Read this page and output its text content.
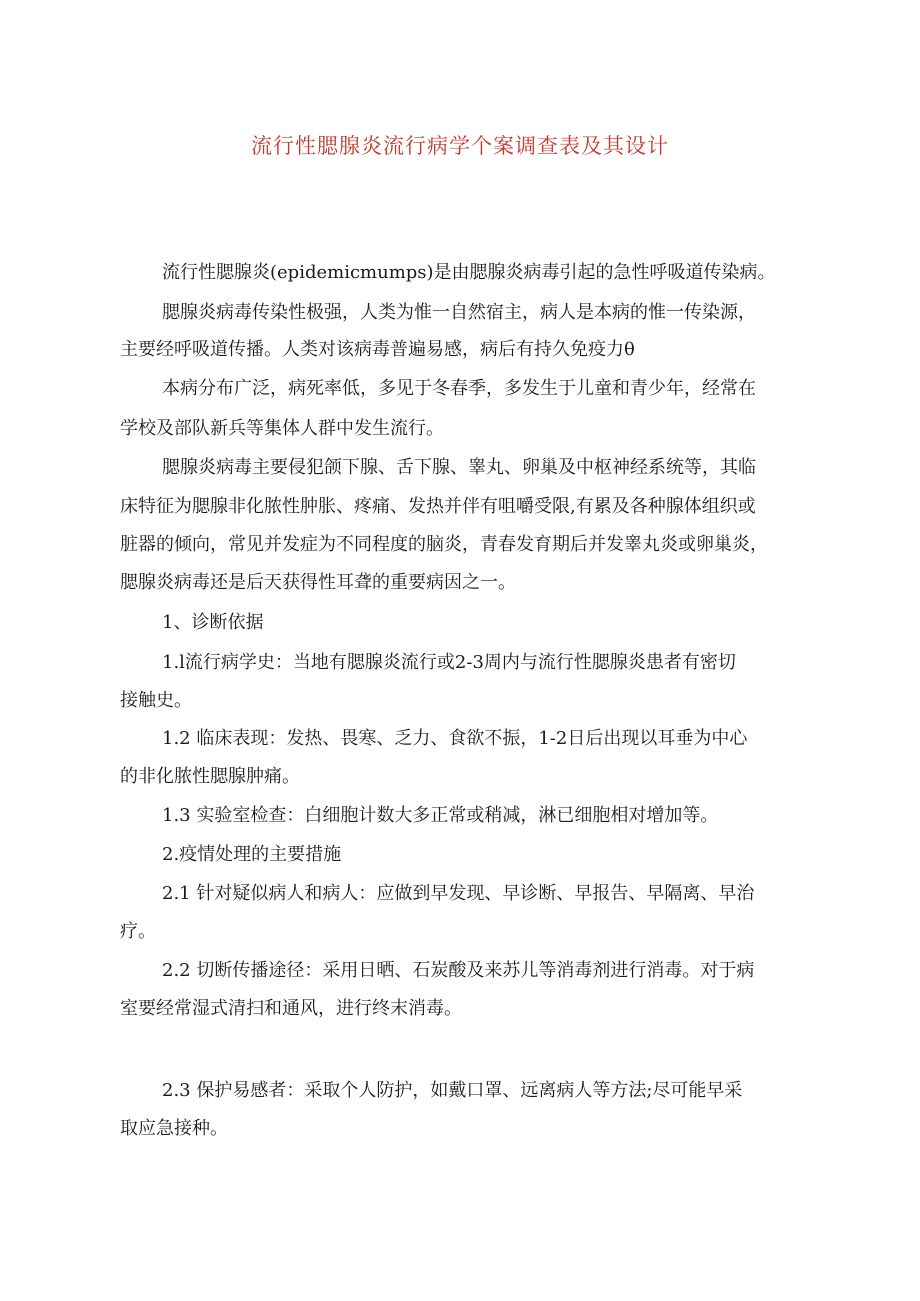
流行性腮腺炎流行病学个案调查表及其设计
流行性腮腺炎(epidemicmumps)是由腮腺炎病毒引起的急性呼吸道传染病。
腮腺炎病毒传染性极强，人类为惟一自然宿主，病人是本病的惟一传染源，
主要经呼吸道传播。人类对该病毒普遍易感，病后有持久免疫力θ
本病分布广泛，病死率低，多见于冬春季，多发生于儿童和青少年，经常在
学校及部队新兵等集体人群中发生流行。
腮腺炎病毒主要侵犯颌下腺、舌下腺、睾丸、卵巢及中枢神经系统等，其临
床特征为腮腺非化脓性肿胀、疼痛、发热并伴有咀嚼受限,有累及各种腺体组织或
脏器的倾向，常见并发症为不同程度的脑炎，青春发育期后并发睾丸炎或卵巢炎，
腮腺炎病毒还是后天获得性耳聋的重要病因之一。
1、诊断依据
1.l流行病学史：当地有腮腺炎流行或2-3周内与流行性腮腺炎患者有密切
接触史。
1.2 临床表现：发热、畏寒、乏力、食欲不振，1-2日后出现以耳垂为中心
的非化脓性腮腺肿痛。
1.3 实验室检查：白细胞计数大多正常或稍减，淋已细胞相对增加等。
2.疫情处理的主要措施
2.1 针对疑似病人和病人：应做到早发现、早诊断、早报告、早隔离、早治
疗。
2.2 切断传播途径：采用日晒、石炭酸及来苏儿等消毒剂进行消毒。对于病
室要经常湿式清扫和通风，进行终末消毒。
2.3 保护易感者：采取个人防护，如戴口罩、远离病人等方法;尽可能早采
取应急接种。
